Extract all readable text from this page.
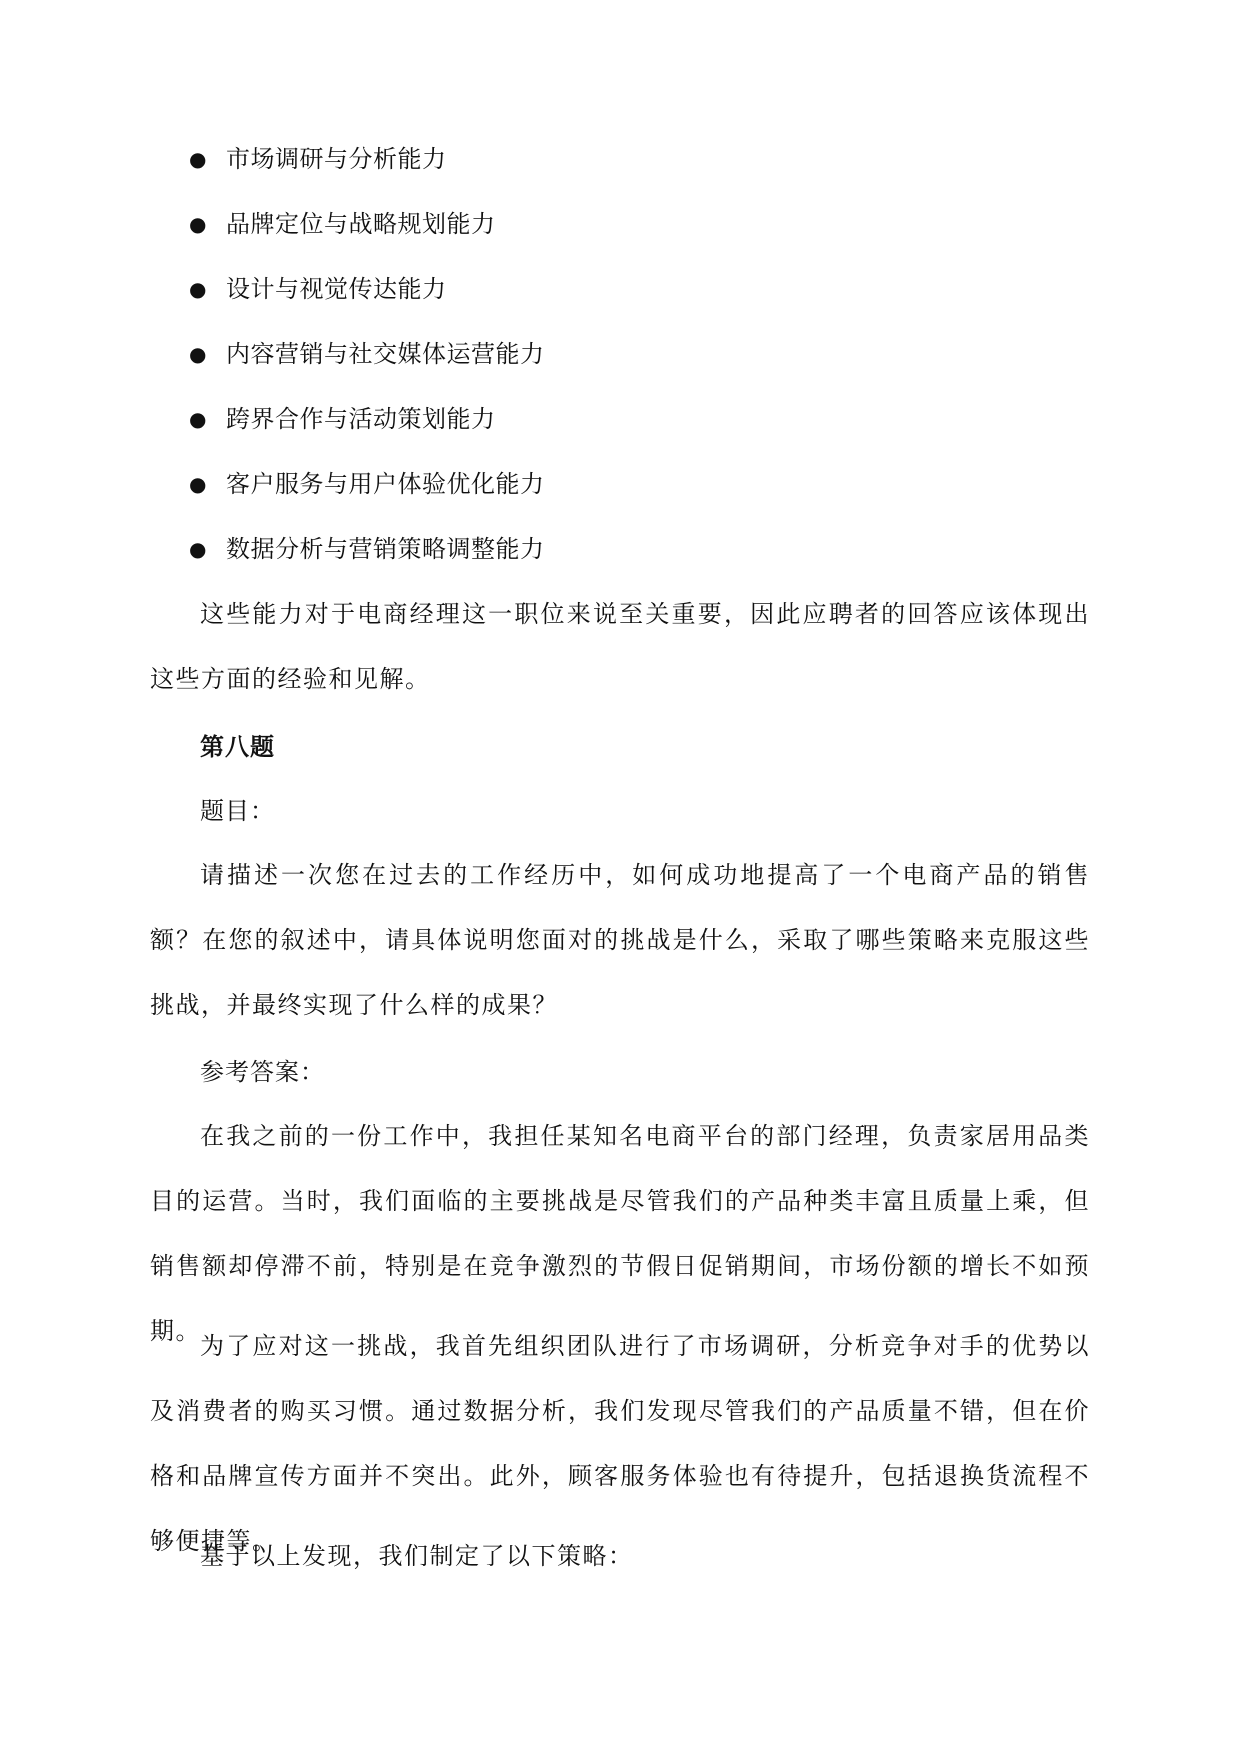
● 市场调研与分析能力
● 品牌定位与战略规划能力
● 设计与视觉传达能力
● 内容营销与社交媒体运营能力
● 跨界合作与活动策划能力
● 客户服务与用户体验优化能力
● 数据分析与营销策略调整能力

这些能力对于电商经理这一职位来说至关重要，因此应聘者的回答应该体现出这些方面的经验和见解。

第八题

题目：

请描述一次您在过去的工作经历中，如何成功地提高了一个电商产品的销售额？在您的叙述中，请具体说明您面对的挑战是什么，采取了哪些策略来克服这些挑战，并最终实现了什么样的成果？

参考答案：

在我之前的一份工作中，我担任某知名电商平台的部门经理，负责家居用品类目的运营。当时，我们面临的主要挑战是尽管我们的产品种类丰富且质量上乘，但销售额却停滞不前，特别是在竞争激烈的节假日促销期间，市场份额的增长不如预期。

为了应对这一挑战，我首先组织团队进行了市场调研，分析竞争对手的优势以及消费者的购买习惯。通过数据分析，我们发现尽管我们的产品质量不错，但在价格和品牌宣传方面并不突出。此外，顾客服务体验也有待提升，包括退换货流程不够便捷等。

基于以上发现，我们制定了以下策略：
